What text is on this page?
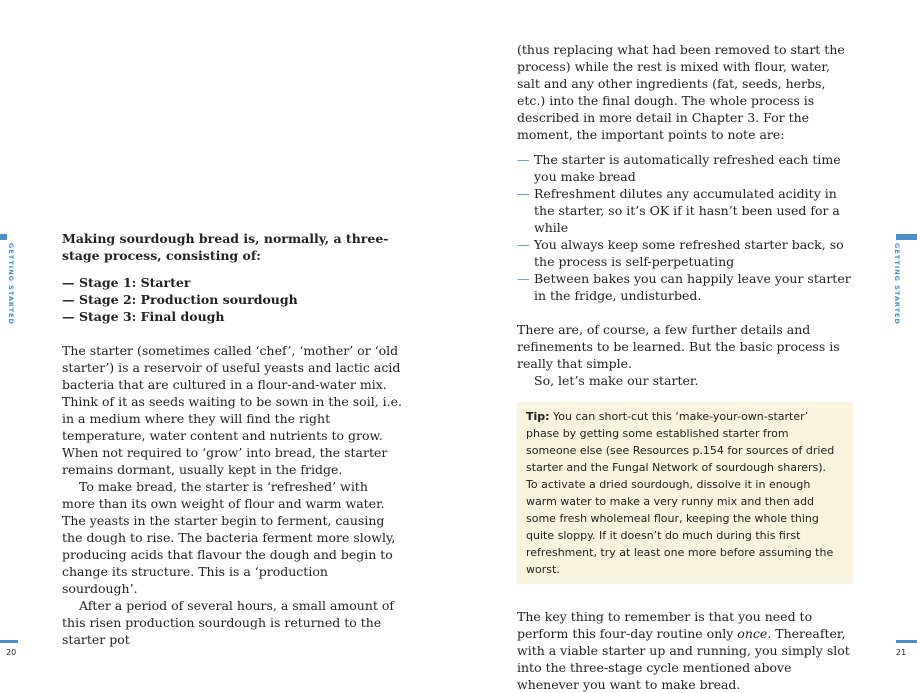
GETTING STARTED	GETTING STARTED

Making sourdough bread is, normally, a three-stage process, consisting of:

— Stage 1: Starter
— Stage 2: Production sourdough
— Stage 3: Final dough

The starter (sometimes called ‘chef’, ‘mother’ or ‘old starter’) is a reservoir of useful yeasts and lactic acid bacteria that are cultured in a flour-and-water mix. Think of it as seeds waiting to be sown in the soil, i.e. in a medium where they will find the right temperature, water content and nutrients to grow. When not required to ‘grow’ into bread, the starter remains dormant, usually kept in the fridge.

To make bread, the starter is ‘refreshed’ with more than its own weight of flour and warm water. The yeasts in the starter begin to ferment, causing the dough to rise. The bacteria ferment more slowly, producing acids that flavour the dough and begin to change its structure. This is a ‘production sourdough’.

After a period of several hours, a small amount of this risen production sourdough is returned to the starter pot

(thus replacing what had been removed to start the process) while the rest is mixed with flour, water, salt and any other ingredients (fat, seeds, herbs, etc.) into the final dough. The whole process is described in more detail in Chapter 3. For the moment, the important points to note are:

— The starter is automatically refreshed each time you make bread
— Refreshment dilutes any accumulated acidity in the starter, so it’s OK if it hasn’t been used for a while
— You always keep some refreshed starter back, so the process is self-perpetuating
— Between bakes you can happily leave your starter in the fridge, undisturbed.

There are, of course, a few further details and refinements to be learned. But the basic process is really that simple.

So, let’s make our starter.

Tip: You can short-cut this ‘make-your-own-starter’ phase by getting some established starter from someone else (see Resources p.154 for sources of dried starter and the Fungal Network of sourdough sharers). To activate a dried sourdough, dissolve it in enough warm water to make a very runny mix and then add some fresh wholemeal flour, keeping the whole thing quite sloppy. If it doesn’t do much during this first refreshment, try at least one more before assuming the worst.

The key thing to remember is that you need to perform this four-day routine only once. Thereafter, with a viable starter up and running, you simply slot into the three-stage cycle mentioned above whenever you want to make bread.

20	21
